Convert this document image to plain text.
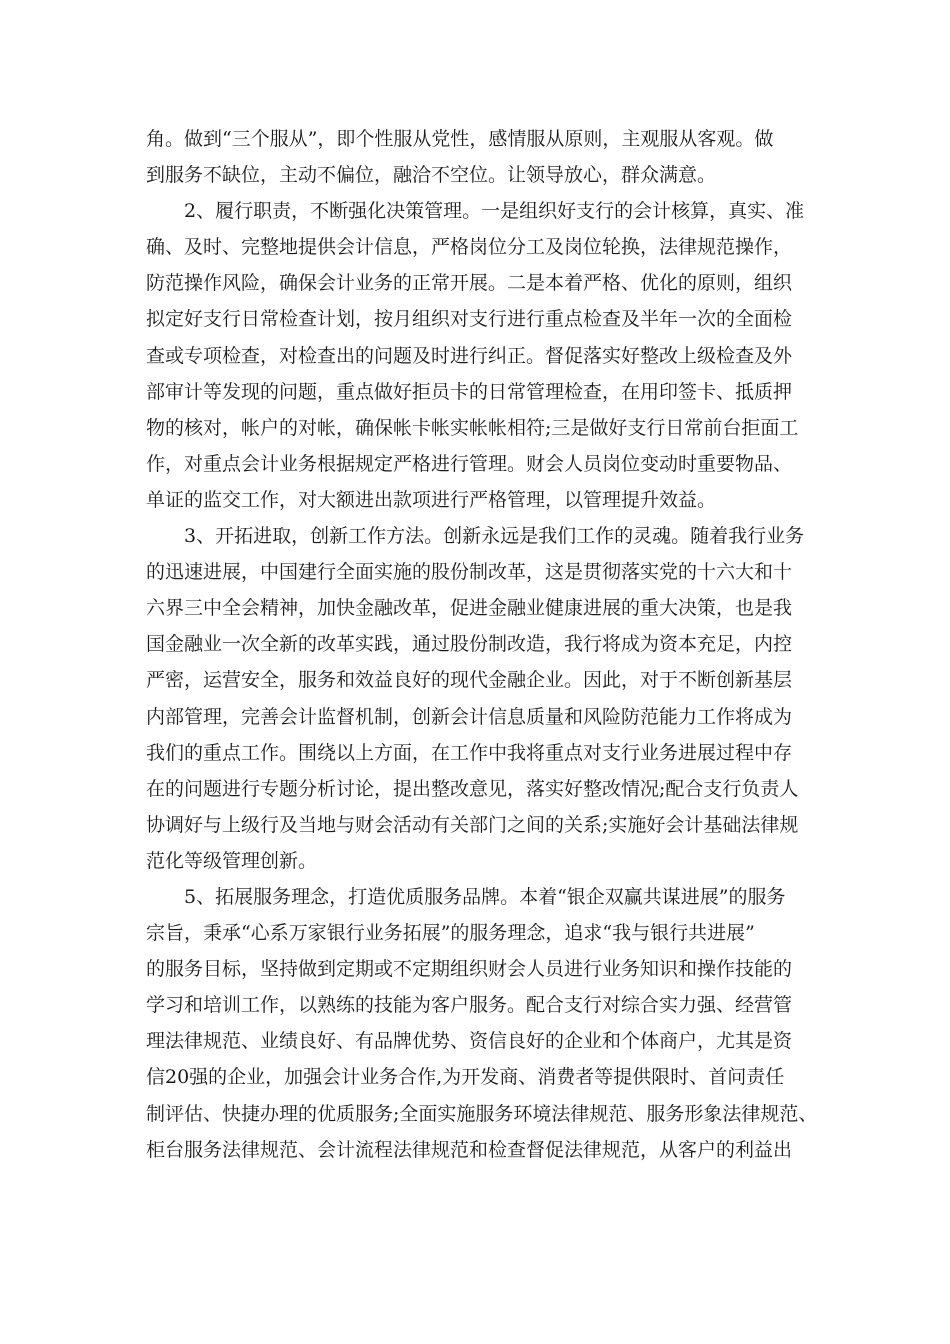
角。做到“三个服从”，即个性服从党性，感情服从原则，主观服从客观。做
到服务不缺位，主动不偏位，融洽不空位。让领导放心，群众满意。
2、履行职责，不断强化决策管理。一是组织好支行的会计核算，真实、准
确、及时、完整地提供会计信息，严格岗位分工及岗位轮换，法律规范操作，
防范操作风险，确保会计业务的正常开展。二是本着严格、优化的原则，组织
拟定好支行日常检查计划，按月组织对支行进行重点检查及半年一次的全面检
查或专项检查，对检查出的问题及时进行纠正。督促落实好整改上级检查及外
部审计等发现的问题，重点做好拒员卡的日常管理检查，在用印签卡、抵质押
物的核对，帐户的对帐，确保帐卡帐实帐帐相符;三是做好支行日常前台拒面工
作，对重点会计业务根据规定严格进行管理。财会人员岗位变动时重要物品、
单证的监交工作，对大额进出款项进行严格管理，以管理提升效益。
3、开拓进取，创新工作方法。创新永远是我们工作的灵魂。随着我行业务
的迅速进展，中国建行全面实施的股份制改革，这是贯彻落实党的十六大和十
六界三中全会精神，加快金融改革，促进金融业健康进展的重大决策，也是我
国金融业一次全新的改革实践，通过股份制改造，我行将成为资本充足，内控
严密，运营安全，服务和效益良好的现代金融企业。因此，对于不断创新基层
内部管理，完善会计监督机制，创新会计信息质量和风险防范能力工作将成为
我们的重点工作。围绕以上方面，在工作中我将重点对支行业务进展过程中存
在的问题进行专题分析讨论，提出整改意见，落实好整改情况;配合支行负责人
协调好与上级行及当地与财会活动有关部门之间的关系;实施好会计基础法律规
范化等级管理创新。
5、拓展服务理念，打造优质服务品牌。本着“银企双赢共谋进展”的服务
宗旨，秉承“心系万家银行业务拓展”的服务理念，追求“我与银行共进展”
的服务目标，坚持做到定期或不定期组织财会人员进行业务知识和操作技能的
学习和培训工作，以熟练的技能为客户服务。配合支行对综合实力强、经营管
理法律规范、业绩良好、有品牌优势、资信良好的企业和个体商户，尤其是资
信20强的企业，加强会计业务合作,为开发商、消费者等提供限时、首问责任
制评估、快捷办理的优质服务;全面实施服务环境法律规范、服务形象法律规范、
柜台服务法律规范、会计流程法律规范和检查督促法律规范，从客户的利益出
